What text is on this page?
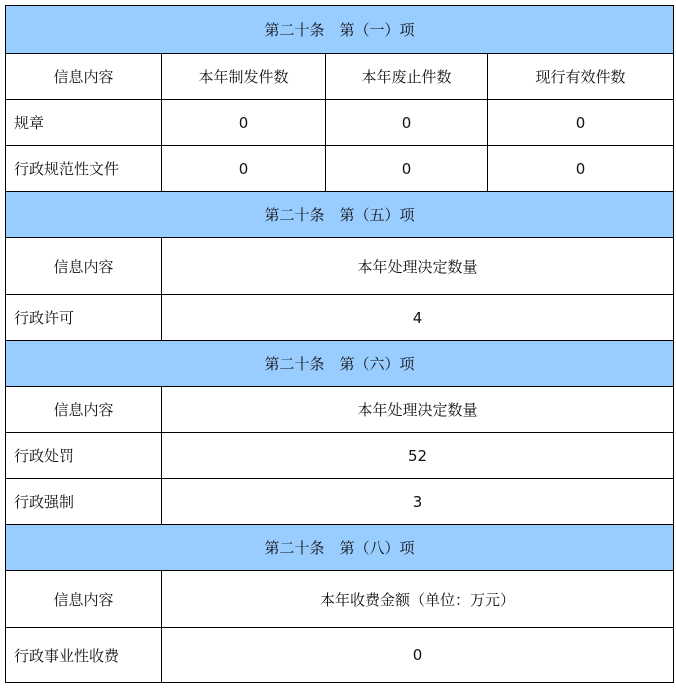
第二十条　第（一）项			
信息内容	本年制发件数	本年废止件数	现行有效件数
规章	0	0	0
行政规范性文件	0	0	0
第二十条　第（五）项			
信息内容	本年处理决定数量		
行政许可	4		
第二十条　第（六）项			
信息内容	本年处理决定数量		
行政处罚	52		
行政强制	3		
第二十条　第（八）项			
信息内容	本年收费金额（单位：万元）		
行政事业性收费	0		
